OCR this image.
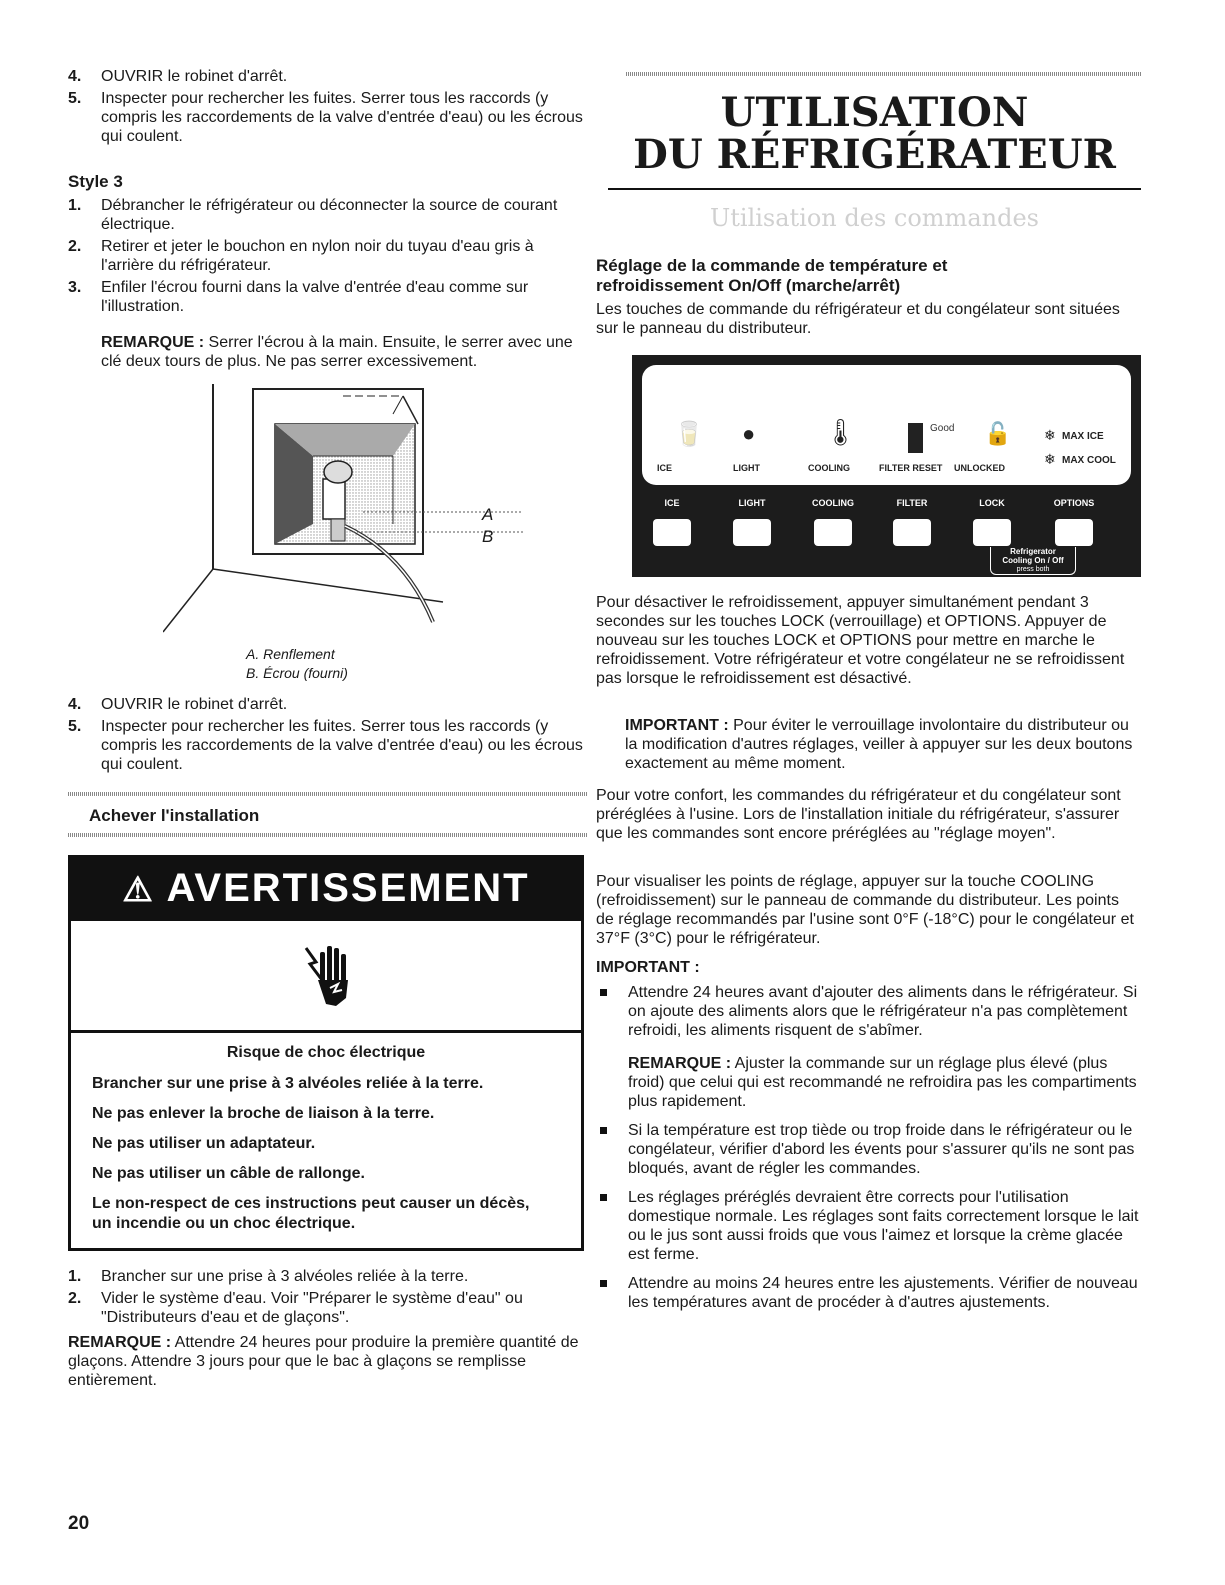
4. OUVRIR le robinet d'arrêt.
5. Inspecter pour rechercher les fuites. Serrer tous les raccords (y compris les raccordements de la valve d'entrée d'eau) ou les écrous qui coulent.
Style 3
1. Débrancher le réfrigérateur ou déconnecter la source de courant électrique.
2. Retirer et jeter le bouchon en nylon noir du tuyau d'eau gris à l'arrière du réfrigérateur.
3. Enfiler l'écrou fourni dans la valve d'entrée d'eau comme sur l'illustration.

REMARQUE : Serrer l'écrou à la main. Ensuite, le serrer avec une clé deux tours de plus. Ne pas serrer excessivement.

A
B
A. Renflement
B. Écrou (fourni)
4. OUVRIR le robinet d'arrêt.
5. Inspecter pour rechercher les fuites. Serrer tous les raccords (y compris les raccordements de la valve d'entrée d'eau) ou les écrous qui coulent.
Achever l'installation
⚠ AVERTISSEMENT
Risque de choc électrique
Brancher sur une prise à 3 alvéoles reliée à la terre.
Ne pas enlever la broche de liaison à la terre.
Ne pas utiliser un adaptateur.
Ne pas utiliser un câble de rallonge.
Le non-respect de ces instructions peut causer un décès, un incendie ou un choc électrique.
1. Brancher sur une prise à 3 alvéoles reliée à la terre.
2. Vider le système d'eau. Voir "Préparer le système d'eau" ou "Distributeurs d'eau et de glaçons".

REMARQUE : Attendre 24 heures pour produire la première quantité de glaçons. Attendre 3 jours pour que le bac à glaçons se remplisse entièrement.

UTILISATION
DU RÉFRIGÉRATEUR
Utilisation des commandes
Réglage de la commande de température et refroidissement On/Off (marche/arrêt)

Les touches de commande du réfrigérateur et du congélateur sont situées sur le panneau du distributeur.

🥛 ●	🌡	Good 🔓 ❄ MAX ICE
❄ MAX COOL
ICE	LIGHT	COOLING	FILTER RESET UNLOCKED
ICE	LIGHT	COOLING	FILTER	LOCK	OPTIONS
Refrigerator
Cooling On / Off
press both

Pour désactiver le refroidissement, appuyer simultanément pendant 3 secondes sur les touches LOCK (verrouillage) et OPTIONS. Appuyer de nouveau sur les touches LOCK et OPTIONS pour mettre en marche le refroidissement. Votre réfrigérateur et votre congélateur ne se refroidissent pas lorsque le refroidissement est désactivé.

IMPORTANT : Pour éviter le verrouillage involontaire du distributeur ou la modification d'autres réglages, veiller à appuyer sur les deux boutons exactement au même moment.

Pour votre confort, les commandes du réfrigérateur et du congélateur sont préréglées à l'usine. Lors de l'installation initiale du réfrigérateur, s'assurer que les commandes sont encore préréglées au "réglage moyen".

Pour visualiser les points de réglage, appuyer sur la touche COOLING (refroidissement) sur le panneau de commande du distributeur. Les points de réglage recommandés par l'usine sont 0°F (-18°C) pour le congélateur et 37°F (3°C) pour le réfrigérateur.

IMPORTANT :
Attendre 24 heures avant d'ajouter des aliments dans le réfrigérateur. Si on ajoute des aliments alors que le réfrigérateur n'a pas complètement refroidi, les aliments risquent de s'abîmer.

REMARQUE : Ajuster la commande sur un réglage plus élevé (plus froid) que celui qui est recommandé ne refroidira pas les compartiments plus rapidement.

Si la température est trop tiède ou trop froide dans le réfrigérateur ou le congélateur, vérifier d'abord les évents pour s'assurer qu'ils ne sont pas bloqués, avant de régler les commandes.
Les réglages préréglés devraient être corrects pour l'utilisation domestique normale. Les réglages sont faits correctement lorsque le lait ou le jus sont aussi froids que vous l'aimez et lorsque la crème glacée est ferme.
Attendre au moins 24 heures entre les ajustements. Vérifier de nouveau les températures avant de procéder à d'autres ajustements.
20
